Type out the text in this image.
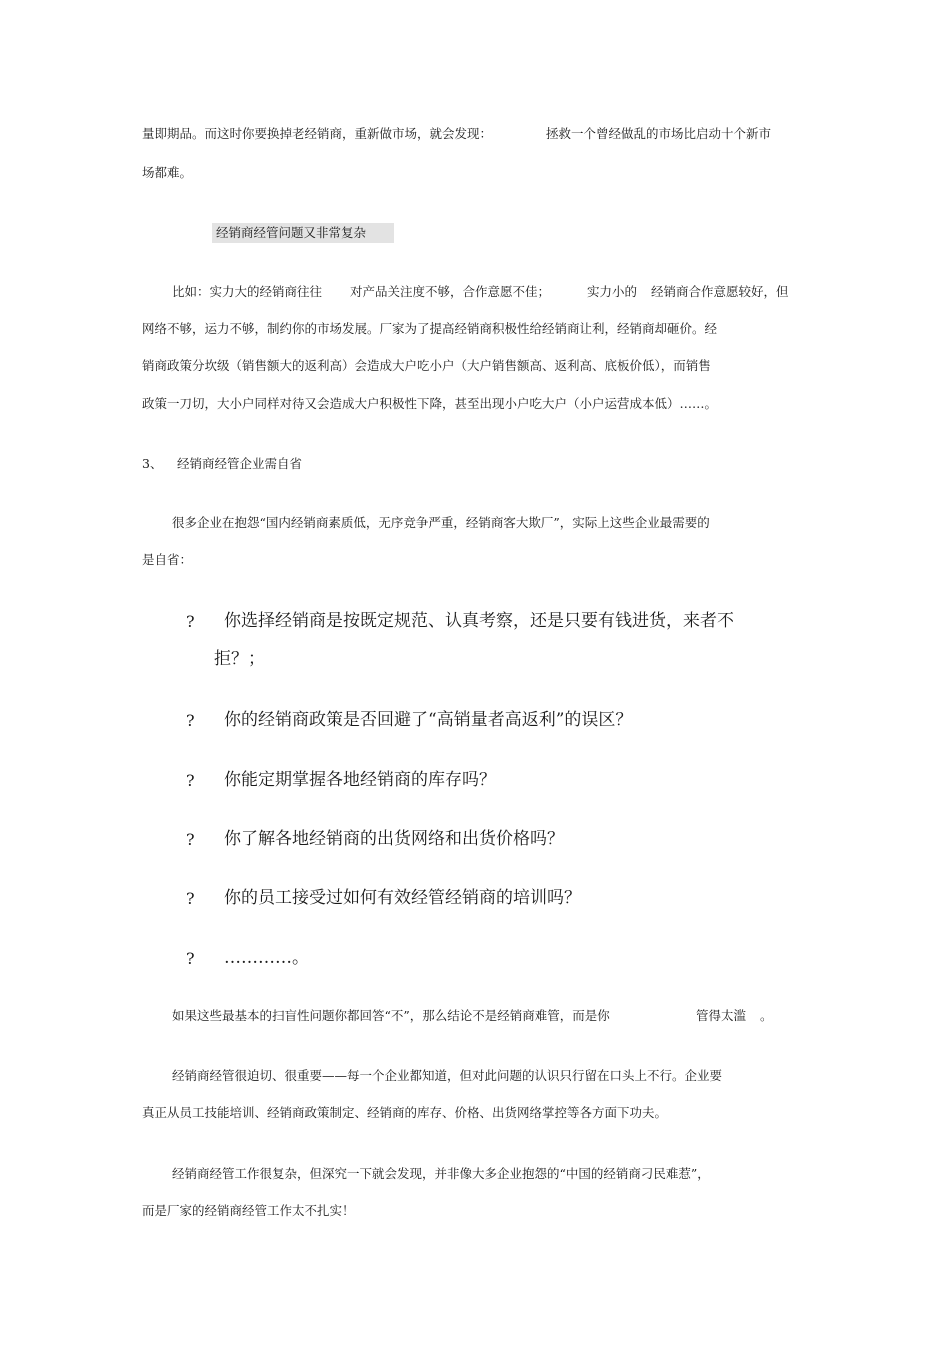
量即期品。而这时你要换掉老经销商，重新做市场，就会发现：	拯救一个曾经做乱的市场比启动十个新市
场都难。
经销商经管问题又非常复杂
比如：实力大的经销商往往 对产品关注度不够，合作意愿不佳；	实力小的 经销商合作意愿较好，但
网络不够，运力不够，制约你的市场发展。厂家为了提高经销商积极性给经销商让利，经销商却砸价。经
销商政策分坎级（销售额大的返利高）会造成大户吃小户（大户销售额高、返利高、底板价低），而销售
政策一刀切，大小户同样对待又会造成大户积极性下降，甚至出现小户吃大户（小户运营成本低）……。
3、 经销商经管企业需自省
很多企业在抱怨“国内经销商素质低，无序竞争严重，经销商客大欺厂”，实际上这些企业最需要的
是自省：
? 你选择经销商是按既定规范、认真考察，还是只要有钱进货，来者不
拒？；
? 你的经销商政策是否回避了“高销量者高返利”的误区？
? 你能定期掌握各地经销商的库存吗？
? 你了解各地经销商的出货网络和出货价格吗？
? 你的员工接受过如何有效经管经销商的培训吗？
? …………。
如果这些最基本的扫盲性问题你都回答“不”，那么结论不是经销商难管，而是你	管得太滥 。
经销商经管很迫切、很重要——每一个企业都知道，但对此问题的认识只行留在口头上不行。企业要
真正从员工技能培训、经销商政策制定、经销商的库存、价格、出货网络掌控等各方面下功夫。
经销商经管工作很复杂，但深究一下就会发现，并非像大多企业抱怨的“中国的经销商刁民难惹”，
而是厂家的经销商经管工作太不扎实！
